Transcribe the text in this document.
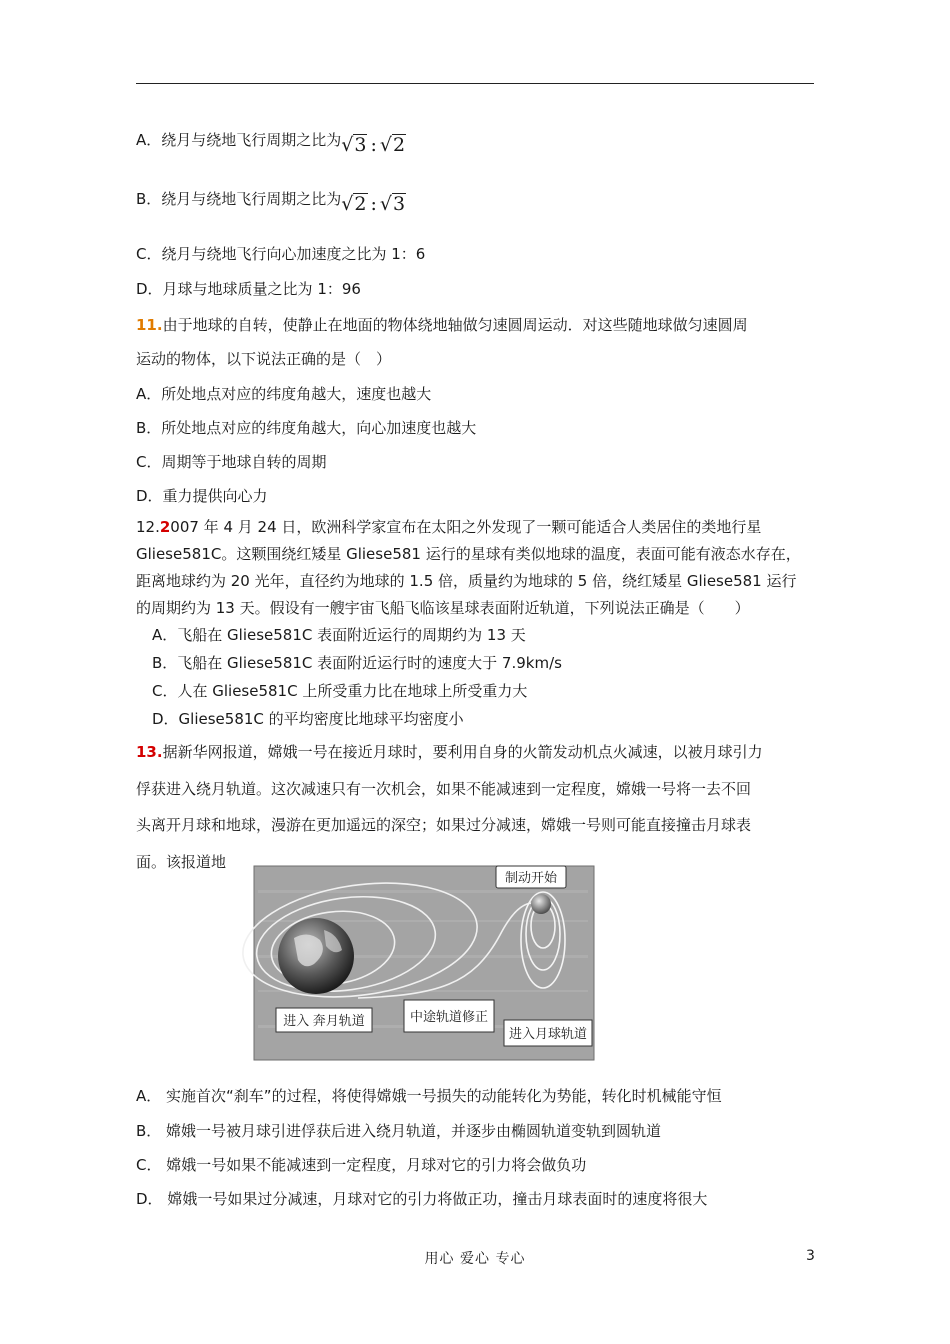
A．绕月与绕地飞行周期之比为√3 : √2
B．绕月与绕地飞行周期之比为√2 : √3
C．绕月与绕地飞行向心加速度之比为 1：6
D．月球与地球质量之比为 1：96
11.由于地球的自转，使静止在地面的物体绕地轴做匀速圆周运动．对这些随地球做匀速圆周
运动的物体，以下说法正确的是（　）
A．所处地点对应的纬度角越大，速度也越大
B．所处地点对应的纬度角越大，向心加速度也越大
C．周期等于地球自转的周期
D．重力提供向心力
12.2007 年 4 月 24 日，欧洲科学家宣布在太阳之外发现了一颗可能适合人类居住的类地行星
Gliese581C。这颗围绕红矮星 Gliese581 运行的星球有类似地球的温度，表面可能有液态水存在，
距离地球约为 20 光年，直径约为地球的 1.5 倍，质量约为地球的 5 倍，绕红矮星 Gliese581 运行
的周期约为 13 天。假设有一艘宇宙飞船飞临该星球表面附近轨道，下列说法正确是（　　）
A．飞船在 Gliese581C 表面附近运行的周期约为 13 天
B．飞船在 Gliese581C 表面附近运行时的速度大于 7.9km/s
C．人在 Gliese581C 上所受重力比在地球上所受重力大
D．Gliese581C 的平均密度比地球平均密度小
13.据新华网报道，嫦娥一号在接近月球时，要利用自身的火箭发动机点火减速，以被月球引力
俘获进入绕月轨道。这次减速只有一次机会，如果不能减速到一定程度，嫦娥一号将一去不回
头离开月球和地球，漫游在更加遥远的深空；如果过分减速，嫦娥一号则可能直接撞击月球表
面。该报道地
制动开始
进入 奔月轨道	中途轨道修正
进入月球轨道
A． 实施首次“刹车”的过程，将使得嫦娥一号损失的动能转化为势能，转化时机械能守恒
B． 嫦娥一号被月球引进俘获后进入绕月轨道，并逐步由椭圆轨道变轨到圆轨道
C． 嫦娥一号如果不能减速到一定程度，月球对它的引力将会做负功
D． 嫦娥一号如果过分减速，月球对它的引力将做正功，撞击月球表面时的速度将很大
用心 爱心 专心	3
